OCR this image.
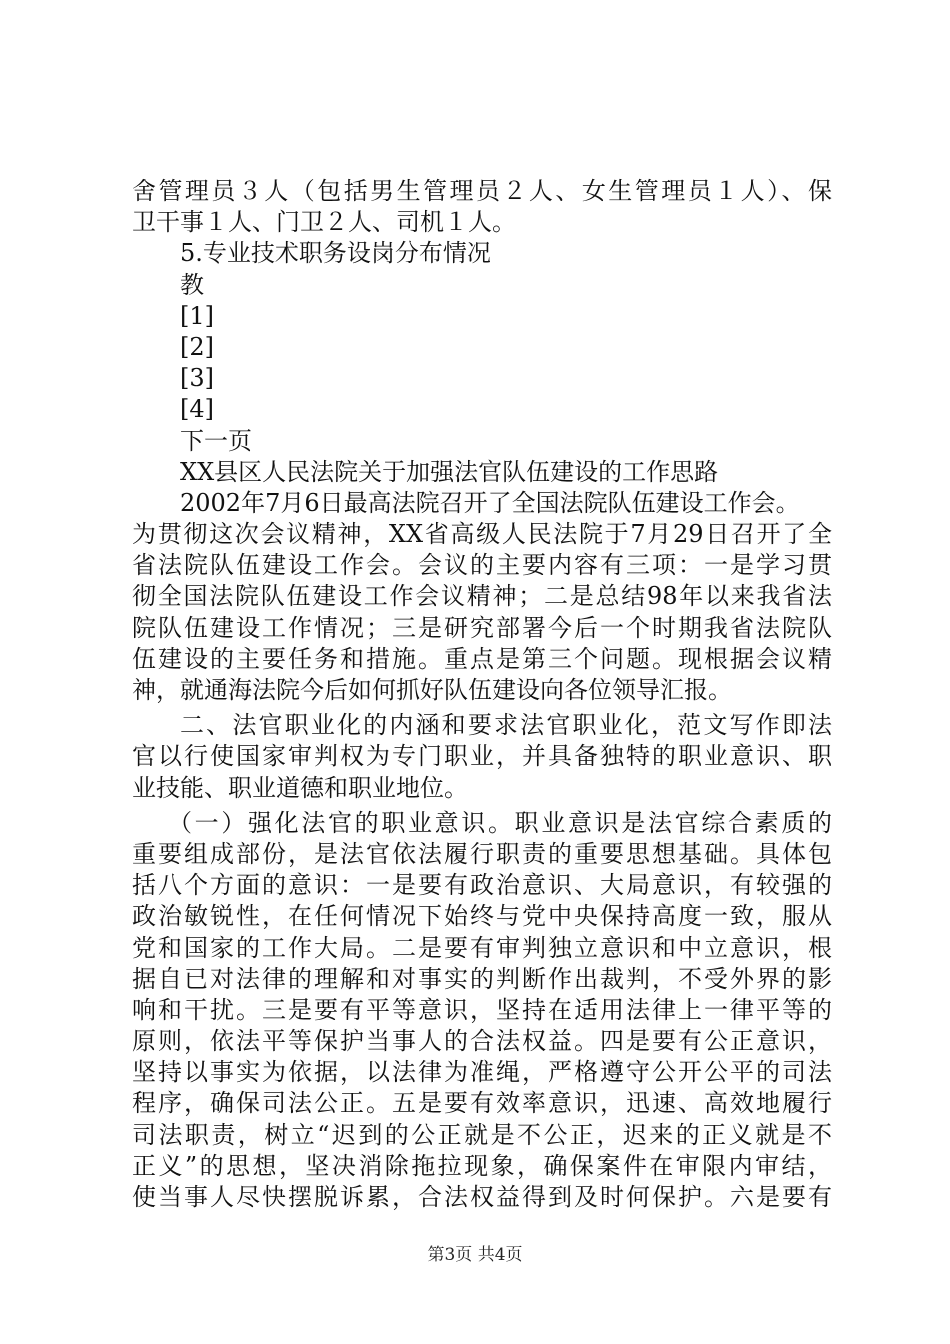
舍管理员３人（包括男生管理员２人、女生管理员１人）、保
卫干事１人、门卫２人、司机１人。
5.专业技术职务设岗分布情况
教
[1]
[2]
[3]
[4]
下一页
XX县区人民法院关于加强法官队伍建设的工作思路
2002年7月6日最高法院召开了全国法院队伍建设工作会。
为贯彻这次会议精神，XX省高级人民法院于7月29日召开了全
省法院队伍建设工作会。会议的主要内容有三项：一是学习贯
彻全国法院队伍建设工作会议精神；二是总结98年以来我省法
院队伍建设工作情况；三是研究部署今后一个时期我省法院队
伍建设的主要任务和措施。重点是第三个问题。现根据会议精
神，就通海法院今后如何抓好队伍建设向各位领导汇报。
二、法官职业化的内涵和要求法官职业化，范文写作即法
官以行使国家审判权为专门职业，并具备独特的职业意识、职
业技能、职业道德和职业地位。
（一）强化法官的职业意识。职业意识是法官综合素质的
重要组成部份，是法官依法履行职责的重要思想基础。具体包
括八个方面的意识：一是要有政治意识、大局意识，有较强的
政治敏锐性，在任何情况下始终与党中央保持高度一致，服从
党和国家的工作大局。二是要有审判独立意识和中立意识，根
据自已对法律的理解和对事实的判断作出裁判，不受外界的影
响和干扰。三是要有平等意识，坚持在适用法律上一律平等的
原则，依法平等保护当事人的合法权益。四是要有公正意识，
坚持以事实为依据，以法律为准绳，严格遵守公开公平的司法
程序，确保司法公正。五是要有效率意识，迅速、高效地履行
司法职责，树立“迟到的公正就是不公正，迟来的正义就是不
正义”的思想，坚决消除拖拉现象，确保案件在审限内审结，
使当事人尽快摆脱诉累，合法权益得到及时何保护。六是要有
第3页 共4页
